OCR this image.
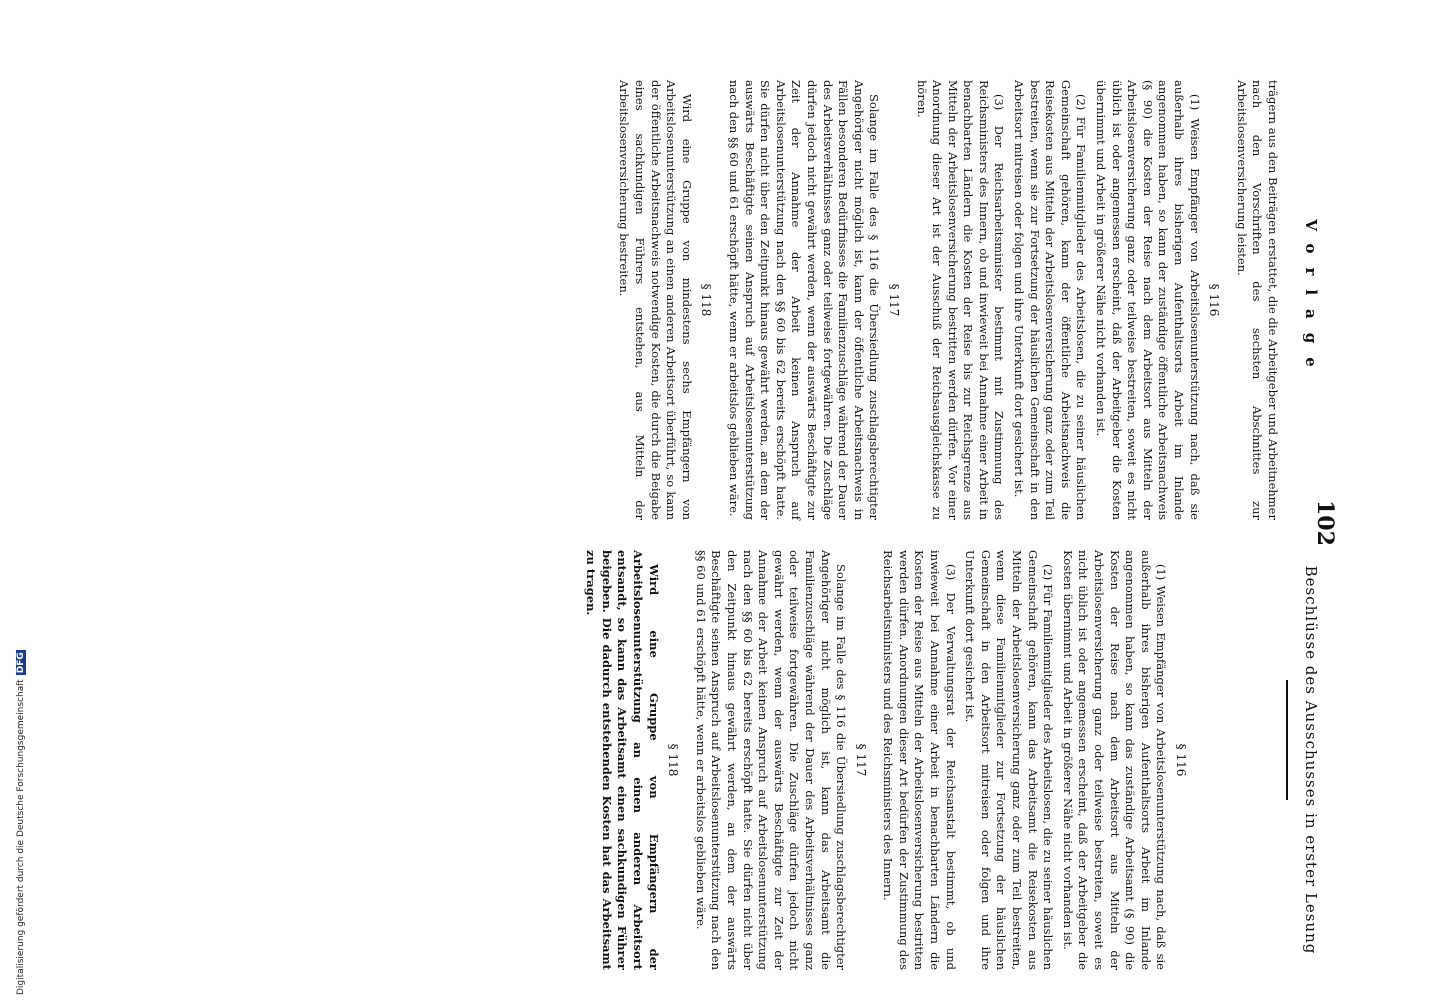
Vorlage
102
Beschlüsse des Ausschusses in erster Lesung

trägern aus den Beiträgen erstattet, die die Arbeitgeber und Arbeitnehmer nach den Vorschriften des sechsten Abschnittes zur Arbeitslosenversicherung leisten.

§ 116

(1) Weisen Empfänger von Arbeitslosenunterstützung nach, daß sie außerhalb ihres bisherigen Aufenthaltsorts Arbeit im Inlande angenommen haben, so kann der zuständige öffentliche Arbeitsnachweis (§ 90) die Kosten der Reise nach dem Arbeitsort aus Mitteln der Arbeitslosenversicherung ganz oder teilweise bestreiten, soweit es nicht üblich ist oder angemessen erscheint, daß der Arbeitgeber die Kosten übernimmt und Arbeit in größerer Nähe nicht vorhanden ist.

(2) Für Familienmitglieder des Arbeitslosen, die zu seiner häuslichen Gemeinschaft gehören, kann der öffentliche Arbeitsnachweis die Reisekosten aus Mitteln der Arbeitslosenversicherung ganz oder zum Teil bestreiten, wenn sie zur Fortsetzung der häuslichen Gemeinschaft in den Arbeitsort mitreisen oder folgen und ihre Unterkunft dort gesichert ist.

(3) Der Reichsarbeitsminister bestimmt mit Zustimmung des Reichsministers des Innern, ob und inwieweit bei Annahme einer Arbeit in benachbarten Ländern die Kosten der Reise bis zur Reichsgrenze aus Mitteln der Arbeitslosenversicherung bestritten werden dürfen. Vor einer Anordnung dieser Art ist der Ausschuß der Reichsausgleichskasse zu hören.

§ 117

Solange im Falle des § 116 die Übersiedlung zuschlagsberechtigter Angehöriger nicht möglich ist, kann der öffentliche Arbeitsnachweis in Fällen besonderen Bedürfnisses die Familienzuschläge während der Dauer des Arbeitsverhältnisses ganz oder teilweise fortgewähren. Die Zuschläge dürfen jedoch nicht gewährt werden, wenn der auswärts Beschäftigte zur Zeit der Annahme der Arbeit keinen Anspruch auf Arbeitslosenunterstützung nach den §§ 60 bis 62 bereits erschöpft hatte. Sie dürfen nicht über den Zeitpunkt hinaus gewährt werden, an dem der auswärts Beschäftigte seinen Anspruch auf Arbeitslosenunterstützung nach den §§ 60 und 61 erschöpft hätte, wenn er arbeitslos geblieben wäre.

§ 118

Wird eine Gruppe von mindestens sechs Empfängern von Arbeitslosenunterstützung an einen anderen Arbeitsort überführt, so kann der öffentliche Arbeitsnachweis notwendige Kosten, die durch die Beigabe eines sachkundigen Führers entstehen, aus Mitteln der Arbeitslosenversicherung bestreiten.

§ 116

(1) Weisen Empfänger von Arbeitslosenunterstützung nach, daß sie außerhalb ihres bisherigen Aufenthaltsorts Arbeit im Inlande angenommen haben, so kann das zuständige Arbeitsamt (§ 90) die Kosten der Reise nach dem Arbeitsort aus Mitteln der Arbeitslosenversicherung ganz oder teilweise bestreiten, soweit es nicht üblich ist oder angemessen erscheint, daß der Arbeitgeber die Kosten übernimmt und Arbeit in größerer Nähe nicht vorhanden ist.

(2) Für Familienmitglieder des Arbeitslosen, die zu seiner häuslichen Gemeinschaft gehören, kann das Arbeitsamt die Reisekosten aus Mitteln der Arbeitslosenversicherung ganz oder zum Teil bestreiten, wenn diese Familienmitglieder zur Fortsetzung der häuslichen Gemeinschaft in den Arbeitsort mitreisen oder folgen und ihre Unterkunft dort gesichert ist.

(3) Der Verwaltungsrat der Reichsanstalt bestimmt, ob und inwieweit bei Annahme einer Arbeit in benachbarten Ländern die Kosten der Reise aus Mitteln der Arbeitslosenversicherung bestritten werden dürfen. Anordnungen dieser Art bedürfen der Zustimmung des Reichsarbeitsministers und des Reichsministers des Innern.

§ 117

Solange im Falle des § 116 die Übersiedlung zuschlagsberechtigter Angehöriger nicht möglich ist, kann das Arbeitsamt die Familienzuschläge während der Dauer des Arbeitsverhältnisses ganz oder teilweise fortgewähren. Die Zuschläge dürfen jedoch nicht gewährt werden, wenn der auswärts Beschäftigte zur Zeit der Annahme der Arbeit keinen Anspruch auf Arbeitslosenunterstützung nach den §§ 60 bis 62 bereits erschöpft hatte. Sie dürfen nicht über den Zeitpunkt hinaus gewährt werden, an dem der auswärts Beschäftigte seinen Anspruch auf Arbeitslosenunterstützung nach den §§ 60 und 61 erschöpft hätte, wenn er arbeitslos geblieben wäre.

§ 118

Wird eine Gruppe von Empfängern der Arbeitslosenunterstützung an einen anderen Arbeitsort entsandt, so kann das Arbeitsamt einen sachkundigen Führer beigeben. Die dadurch entstehenden Kosten hat das Arbeitsamt zu tragen.

Digitalisierung gefördert durch die Deutsche ForschungsgemeinschaftDFG
